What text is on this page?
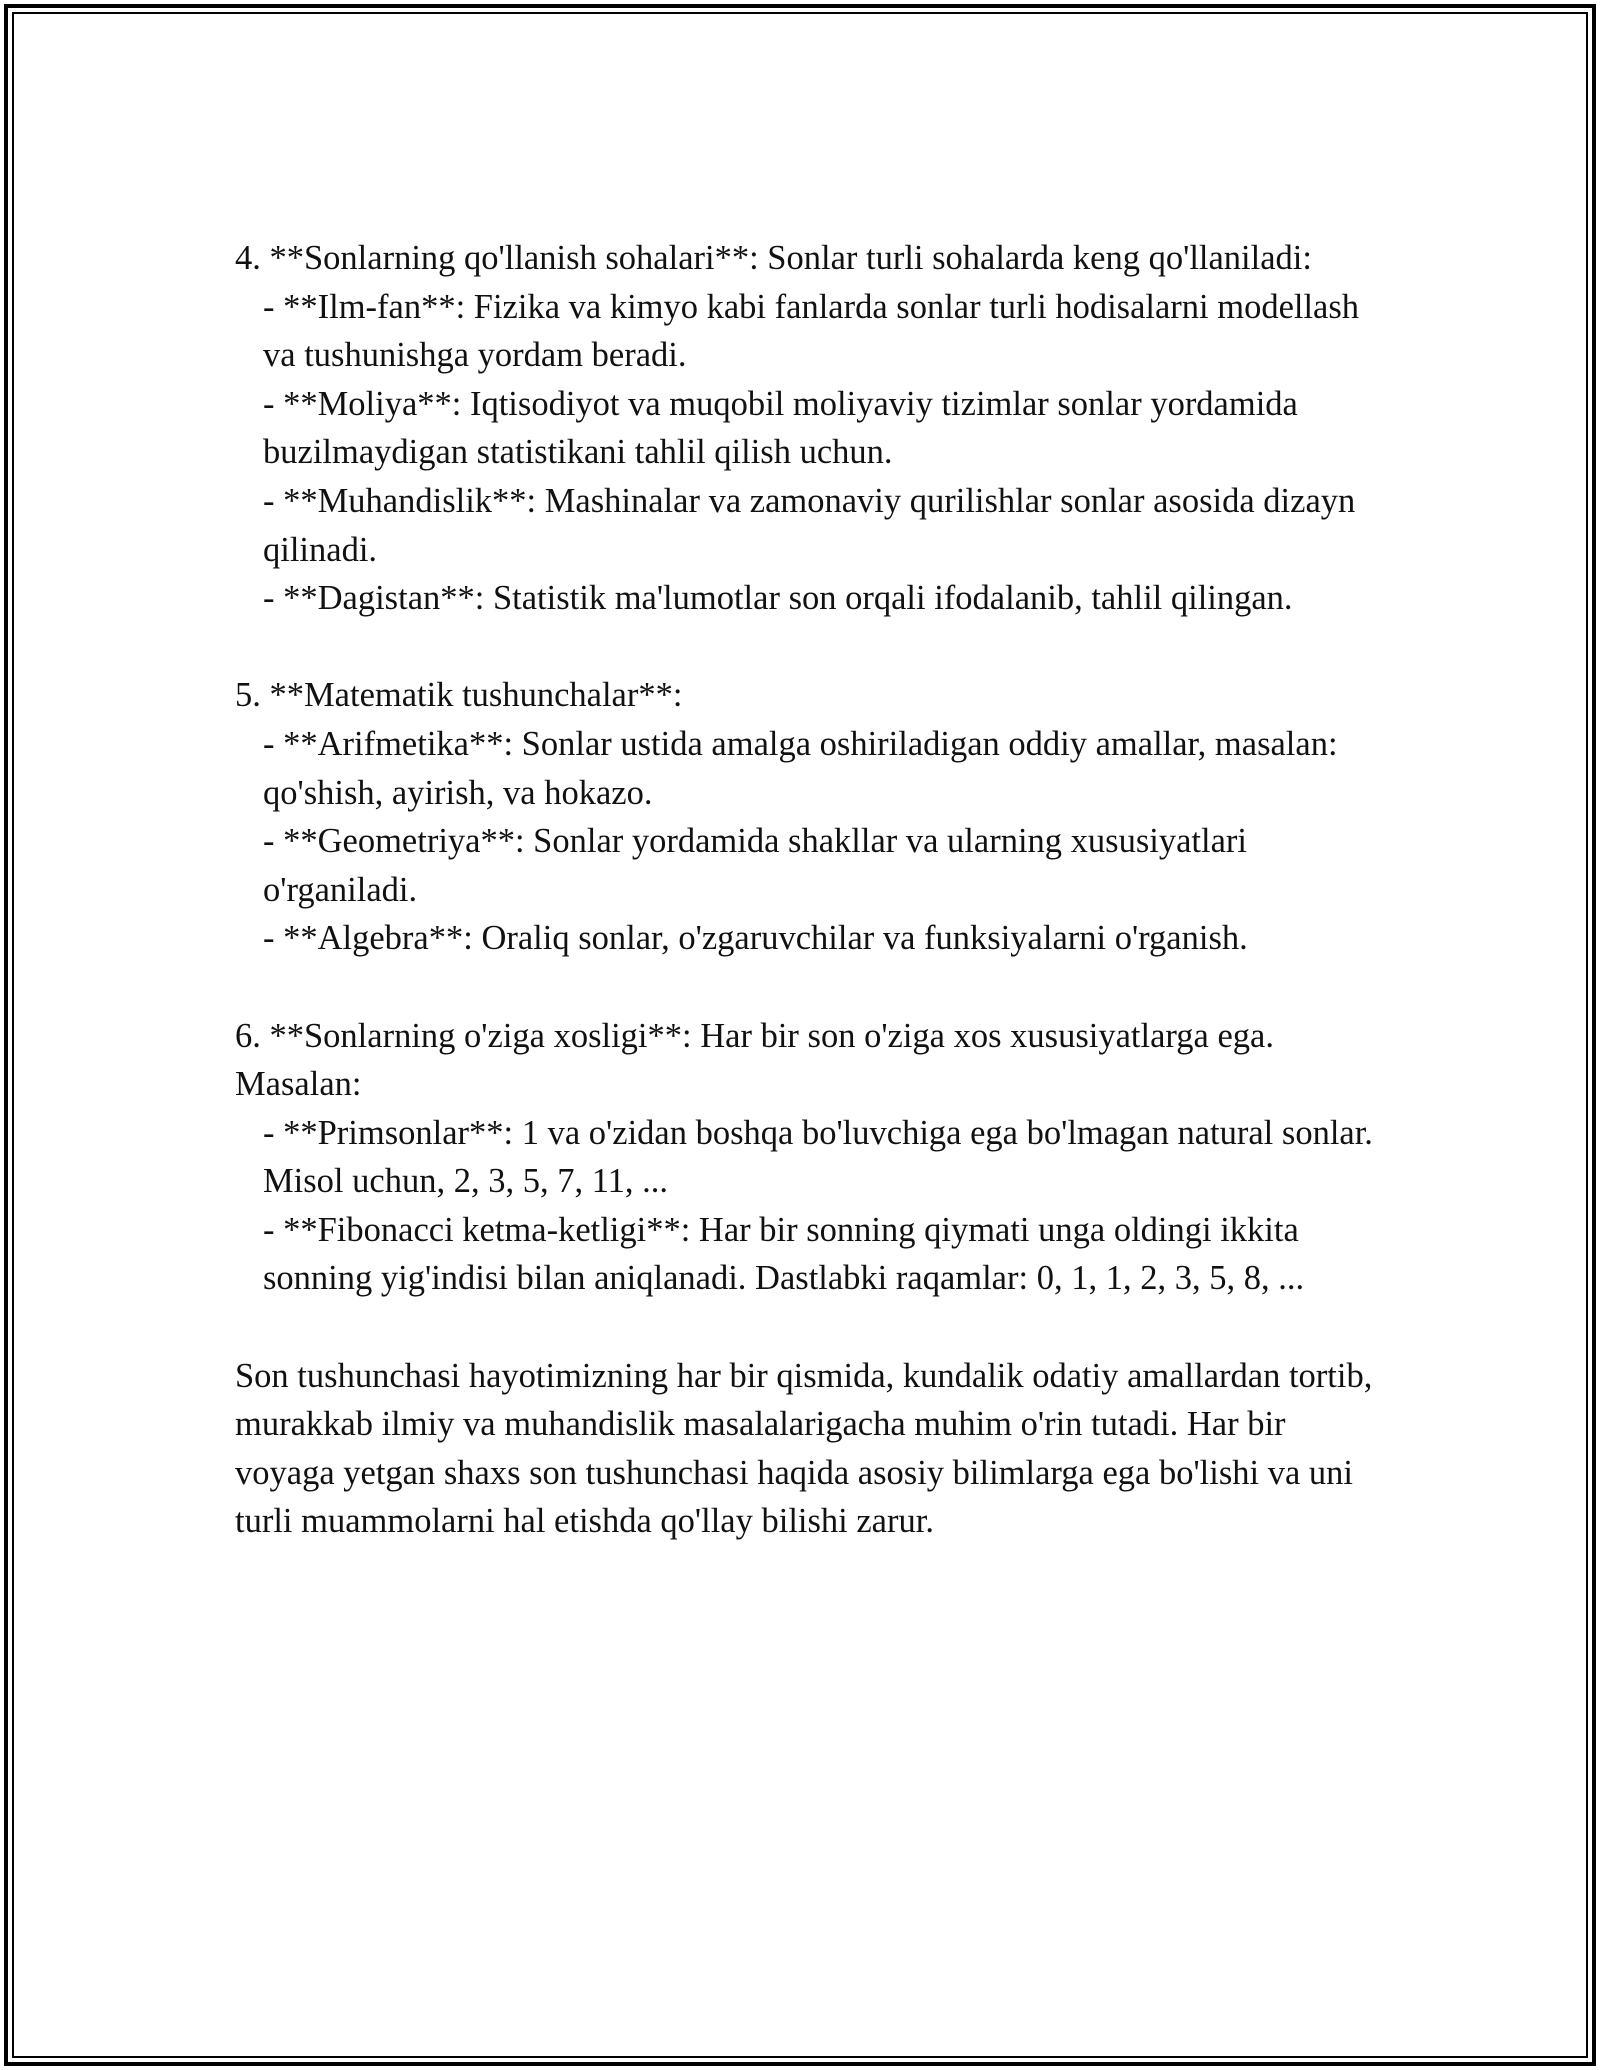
4. **Sonlarning qo'llanish sohalari**: Sonlar turli sohalarda keng qo'llaniladi:

- **Ilm-fan**: Fizika va kimyo kabi fanlarda sonlar turli hodisalarni modellash va tushunishga yordam beradi.

- **Moliya**: Iqtisodiyot va muqobil moliyaviy tizimlar sonlar yordamida buzilmaydigan statistikani tahlil qilish uchun.

- **Muhandislik**: Mashinalar va zamonaviy qurilishlar sonlar asosida dizayn qilinadi.

- **Dagistan**: Statistik ma'lumotlar son orqali ifodalanib, tahlil qilingan.

5. **Matematik tushunchalar**:

- **Arifmetika**: Sonlar ustida amalga oshiriladigan oddiy amallar, masalan: qo'shish, ayirish, va hokazo.

- **Geometriya**: Sonlar yordamida shakllar va ularning xususiyatlari o'rganiladi.

- **Algebra**: Oraliq sonlar, o'zgaruvchilar va funksiyalarni o'rganish.

6. **Sonlarning o'ziga xosligi**: Har bir son o'ziga xos xususiyatlarga ega. Masalan:

- **Primsonlar**: 1 va o'zidan boshqa bo'luvchiga ega bo'lmagan natural sonlar. Misol uchun, 2, 3, 5, 7, 11, ...

- **Fibonacci ketma-ketligi**: Har bir sonning qiymati unga oldingi ikkita sonning yig'indisi bilan aniqlanadi. Dastlabki raqamlar: 0, 1, 1, 2, 3, 5, 8, ...

Son tushunchasi hayotimizning har bir qismida, kundalik odatiy amallardan tortib, murakkab ilmiy va muhandislik masalalarigacha muhim o'rin tutadi. Har bir voyaga yetgan shaxs son tushunchasi haqida asosiy bilimlarga ega bo'lishi va uni turli muammolarni hal etishda qo'llay bilishi zarur.
